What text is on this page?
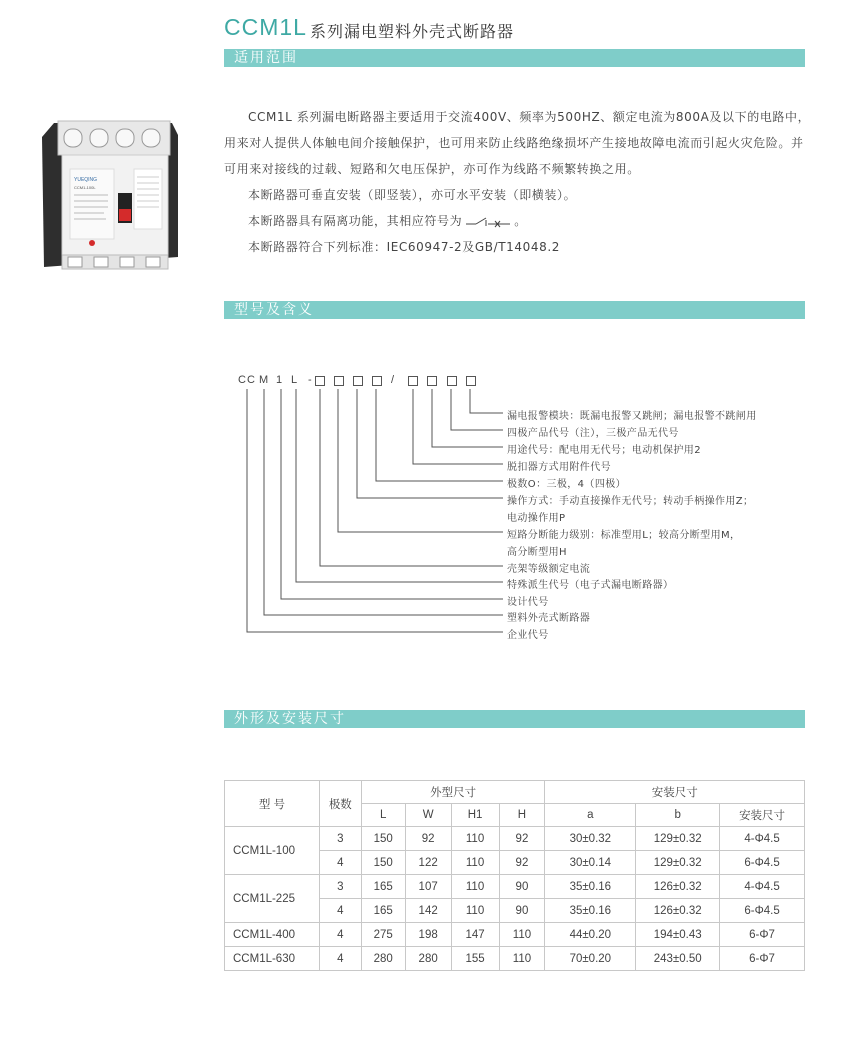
CCM1L 系列漏电塑料外壳式断路器
适用范围
YUEQING
CCM1-100L

CCM1L 系列漏电断路器主要适用于交流400V、频率为500HZ、额定电流为800A及以下的电路中，用来对人提供人体触电间介接触保护，也可用来防止线路绝缘损坏产生接地故障电流而引起火灾危险。并可用来对接线的过载、短路和欠电压保护，亦可作为线路不频繁转换之用。

本断路器可垂直安装（即竖装），亦可水平安装（即横装）。

本断路器具有隔离功能，其相应符号为	。

本断路器符合下列标准：IEC60947-2及GB/T14048.2

型号及含义
C C M 1 L -	/
漏电报警模块：既漏电报警又跳闸；漏电报警不跳闸用
四极产品代号（注），三极产品无代号
用途代号：配电用无代号；电动机保护用2
脱扣器方式用附件代号
极数O：三极，4（四极）
操作方式：手动直接操作无代号；转动手柄操作用Z；
电动操作用P
短路分断能力级别：标准型用L；较高分断型用M，
高分断型用H
壳架等级额定电流
特殊派生代号（电子式漏电断路器）
设计代号
塑料外壳式断路器
企业代号
外形及安装尺寸
型 号	极数	外型尺寸				安装尺寸		
		L	W	H1	H	a	b	安装尺寸
CCM1L-100	3	150	92	110	92	30±0.32	129±0.32	4-Φ4.5
	4	150	122	110	92	30±0.14	129±0.32	6-Φ4.5
CCM1L-225	3	165	107	110	90	35±0.16	126±0.32	4-Φ4.5
	4	165	142	110	90	35±0.16	126±0.32	6-Φ4.5
CCM1L-400	4	275	198	147	110	44±0.20	194±0.43	6-Φ7
CCM1L-630	4	280	280	155	110	70±0.20	243±0.50	6-Φ7
